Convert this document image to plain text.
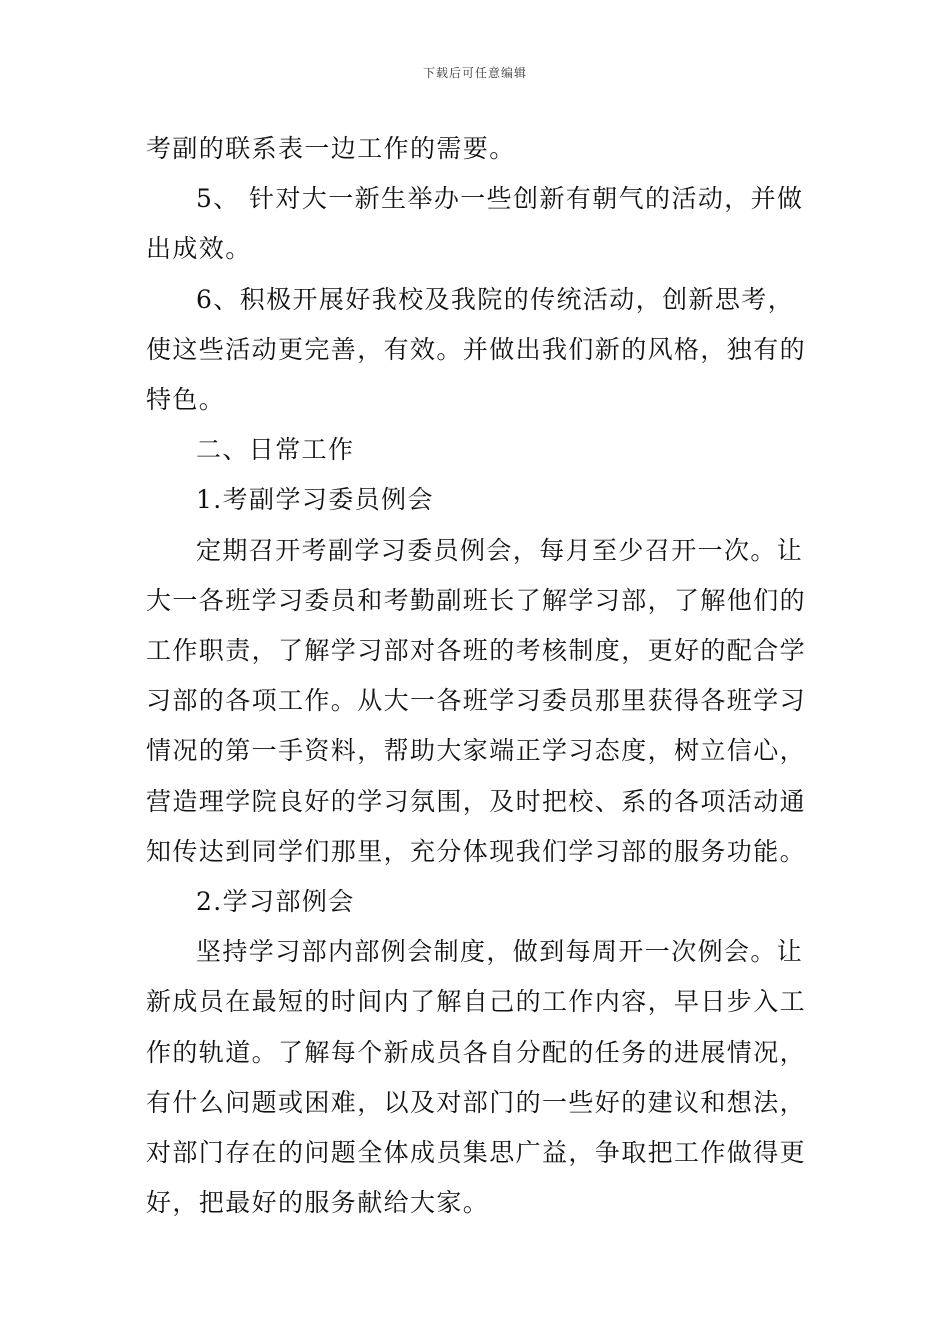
下载后可任意编辑

考副的联系表一边工作的需要。

5、 针对大一新生举办一些创新有朝气的活动，并做出成效。

6、积极开展好我校及我院的传统活动，创新思考，使这些活动更完善，有效。并做出我们新的风格，独有的特色。

二、日常工作

1.考副学习委员例会

定期召开考副学习委员例会，每月至少召开一次。让大一各班学习委员和考勤副班长了解学习部，了解他们的工作职责，了解学习部对各班的考核制度，更好的配合学习部的各项工作。从大一各班学习委员那里获得各班学习情况的第一手资料，帮助大家端正学习态度，树立信心，营造理学院良好的学习氛围，及时把校、系的各项活动通知传达到同学们那里，充分体现我们学习部的服务功能。

2.学习部例会

坚持学习部内部例会制度，做到每周开一次例会。让新成员在最短的时间内了解自己的工作内容，早日步入工作的轨道。了解每个新成员各自分配的任务的进展情况，有什么问题或困难，以及对部门的一些好的建议和想法，对部门存在的问题全体成员集思广益，争取把工作做得更好，把最好的服务献给大家。
